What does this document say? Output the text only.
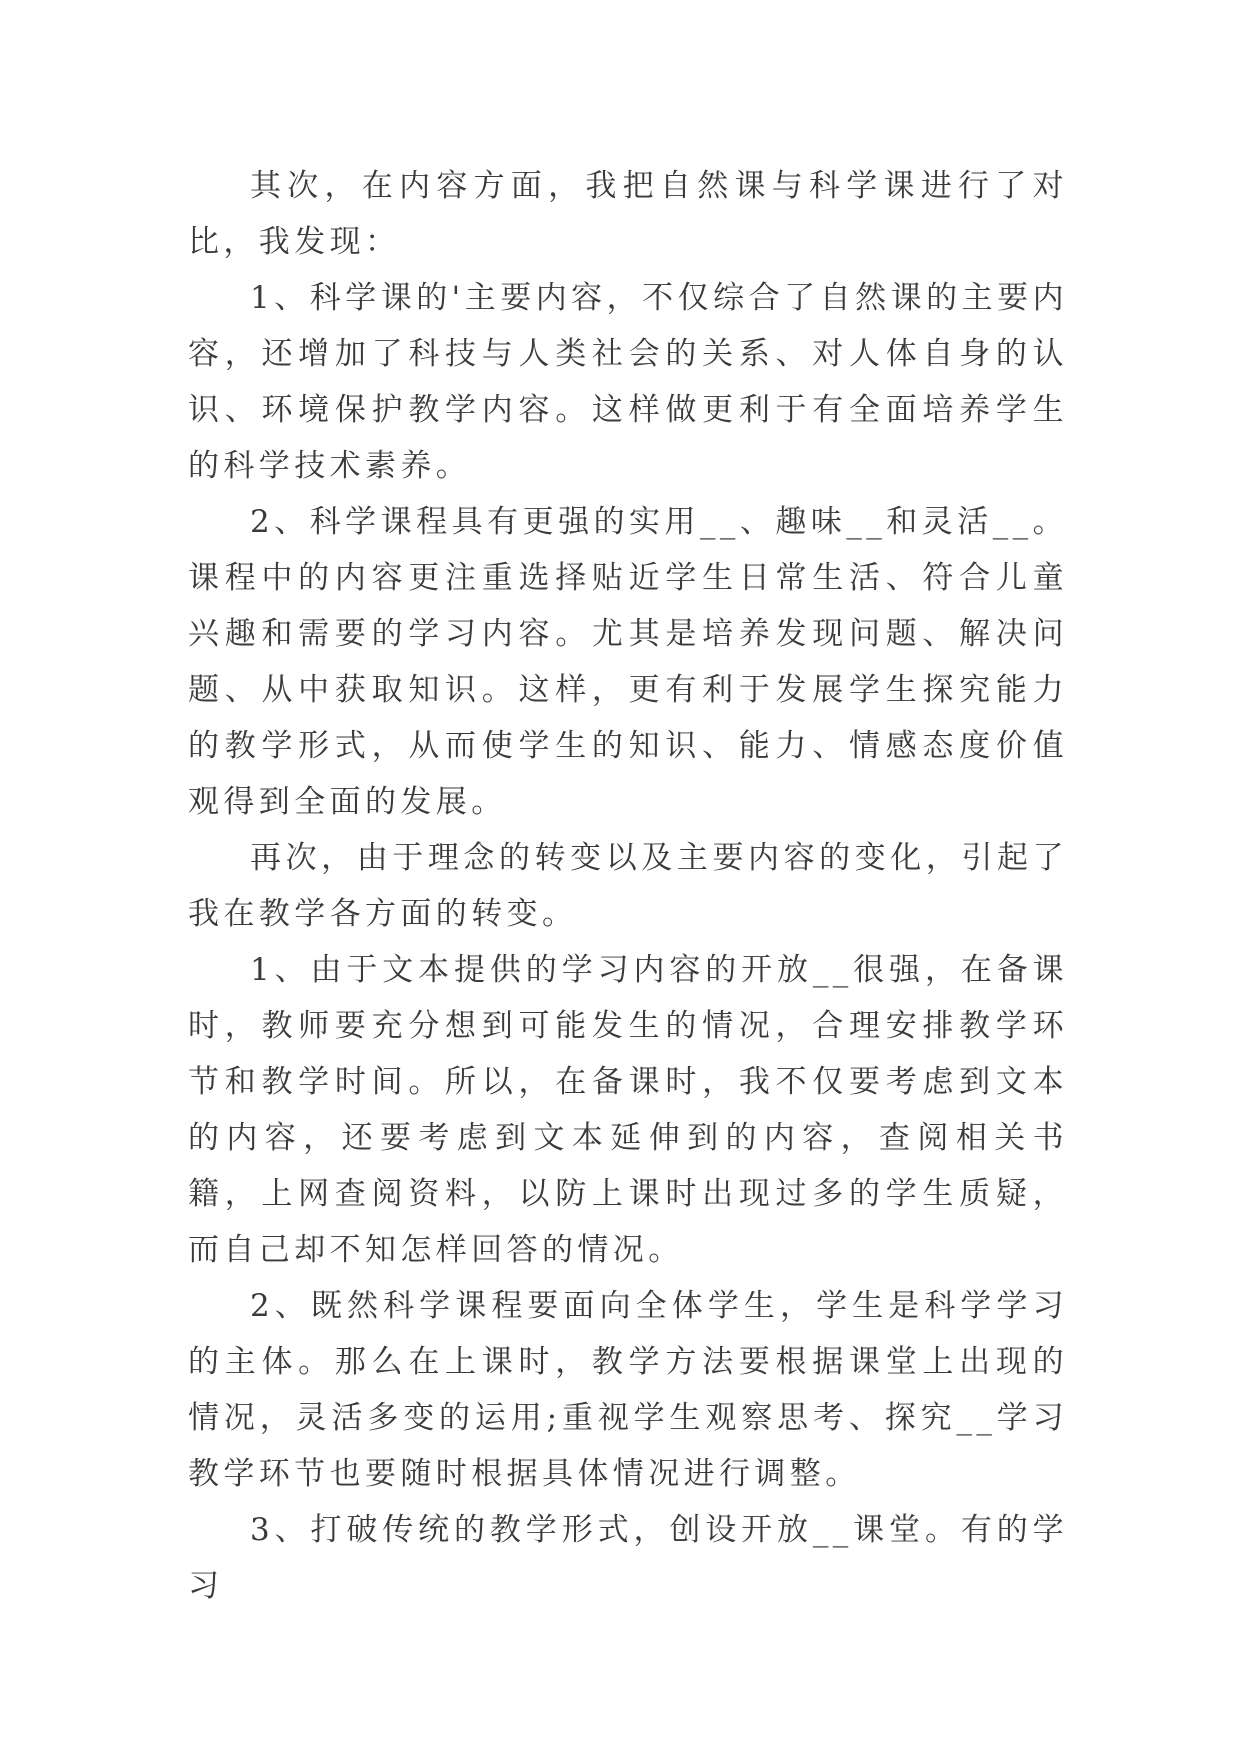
其次，在内容方面，我把自然课与科学课进行了对比，我发现：

1、科学课的'主要内容，不仅综合了自然课的主要内容，还增加了科技与人类社会的关系、对人体自身的认识、环境保护教学内容。这样做更利于有全面培养学生的科学技术素养。

2、科学课程具有更强的实用__、趣味__和灵活__。课程中的内容更注重选择贴近学生日常生活、符合儿童兴趣和需要的学习内容。尤其是培养发现问题、解决问题、从中获取知识。这样，更有利于发展学生探究能力的教学形式，从而使学生的知识、能力、情感态度价值观得到全面的发展。

再次，由于理念的转变以及主要内容的变化，引起了我在教学各方面的转变。

1、由于文本提供的学习内容的开放__很强，在备课时，教师要充分想到可能发生的情况，合理安排教学环节和教学时间。所以，在备课时，我不仅要考虑到文本的内容，还要考虑到文本延伸到的内容，查阅相关书籍，上网查阅资料，以防上课时出现过多的学生质疑，而自己却不知怎样回答的情况。

2、既然科学课程要面向全体学生，学生是科学学习的主体。那么在上课时，教学方法要根据课堂上出现的情况，灵活多变的运用;重视学生观察思考、探究__学习教学环节也要随时根据具体情况进行调整。

3、打破传统的教学形式，创设开放__课堂。有的学习
